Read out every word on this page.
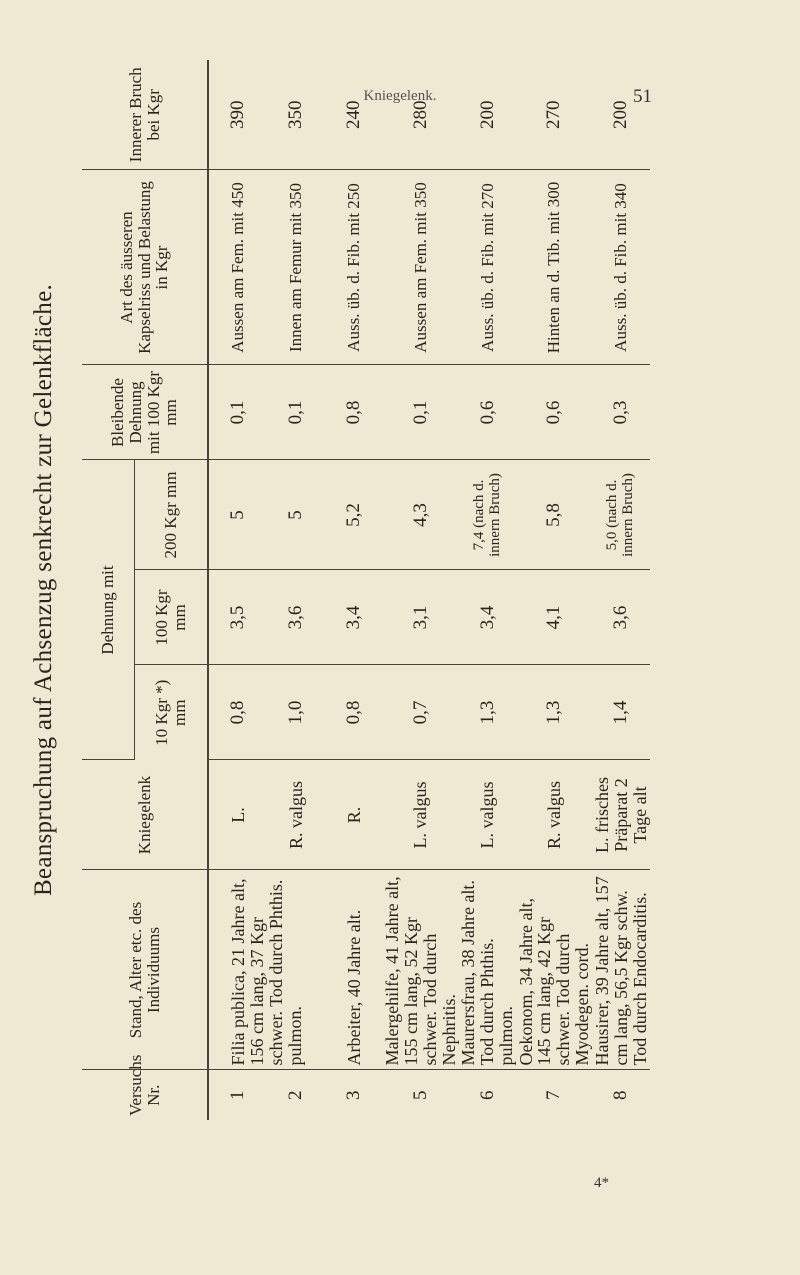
Kniegelenk.	51
4*
Beanspruchung auf Achsenzug senkrecht zur Gelenkfläche.
Versuchs Nr.	Stand, Alter etc. des Individuums	Kniegelenk	Dehnung mit			Bleibende Dehnung mit 100 Kgr mm	Art des äusseren Kapselriss und Belastung in Kgr	Innerer Bruch bei Kgr
			10 Kgr *) mm	100 Kgr mm	200 Kgr mm			
1	Filia publica, 21 Jahre alt, 156 cm lang, 37 Kgr schwer. Tod durch Phthis. pulmon.	L.	0,8	3,5	5	0,1	Aussen am Fem. mit 450	390
2		R. valgus	1,0	3,6	5	0,1	Innen am Femur mit 350	350
3	Arbeiter, 40 Jahre alt.	R.	0,8	3,4	5,2	0,8	Auss. üb. d. Fib. mit 250	240
5	Malergehilfe, 41 Jahre alt, 155 cm lang, 52 Kgr schwer. Tod durch Nephritis.	L. valgus	0,7	3,1	4,3	0,1	Aussen am Fem. mit 350	280
6	Maurersfrau, 38 Jahre alt. Tod durch Phthis. pulmon.	L. valgus	1,3	3,4	7,4 (nach d. innern Bruch)	0,6	Auss. üb. d. Fib. mit 270	200
7	Oekonom, 34 Jahre alt, 145 cm lang, 42 Kgr schwer. Tod durch Myodegen. cord.	R. valgus	1,3	4,1	5,8	0,6	Hinten an d. Tib. mit 300	270
8	Hausirer, 39 Jahre alt, 157 cm lang, 56,5 Kgr schw. Tod durch Endocarditis.	L. frisches Präparat 2 Tage alt	1,4	3,6	5,0 (nach d. innern Bruch)	0,3	Auss. üb. d. Fib. mit 340	200
